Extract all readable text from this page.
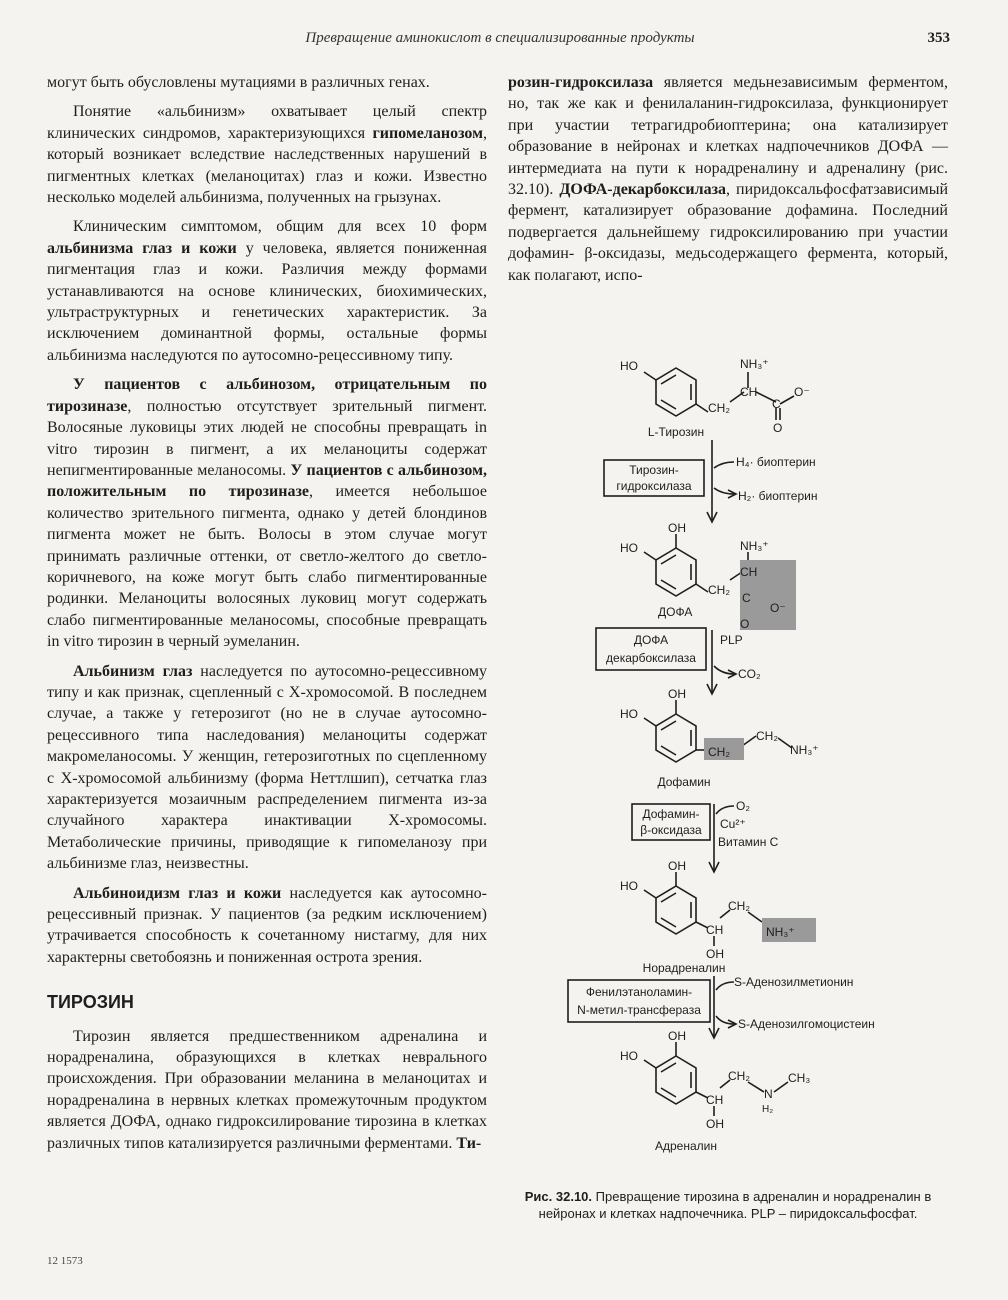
Превращение аминокислот в специализированные продукты	353

могут быть обусловлены мутациями в различных генах.

Понятие «альбинизм» охватывает целый спектр клинических синдромов, характеризующихся гипомеланозом, который возникает вследствие наследственных нарушений в пигментных клетках (меланоцитах) глаз и кожи. Известно несколько моделей альбинизма, полученных на грызунах.

Клиническим симптомом, общим для всех 10 форм альбинизма глаз и кожи у человека, является пониженная пигментация глаз и кожи. Различия между формами устанавливаются на основе клинических, биохимических, ультраструктурных и генетических характеристик. За исключением доминантной формы, остальные формы альбинизма наследуются по аутосомно-рецессивному типу.

У пациентов с альбинозом, отрицательным по тирозиназе, полностью отсутствует зрительный пигмент. Волосяные луковицы этих людей не способны превращать in vitro тирозин в пигмент, а их меланоциты содержат непигментированные меланосомы. У пациентов с альбинозом, положительным по тирозиназе, имеется небольшое количество зрительного пигмента, однако у детей блондинов пигмента может не быть. Волосы в этом случае могут принимать различные оттенки, от светло-желтого до светло-коричневого, на коже могут быть слабо пигментированные родинки. Меланоциты волосяных луковиц могут содержать слабо пигментированные меланосомы, способные превращать in vitro тирозин в черный эумеланин.

Альбинизм глаз наследуется по аутосомно-рецессивному типу и как признак, сцепленный с X-хромосомой. В последнем случае, а также у гетерозигот (но не в случае аутосомно-рецессивного типа наследования) меланоциты содержат макромеланосомы. У женщин, гетерозиготных по сцепленному с X-хромосомой альбинизму (форма Неттлшип), сетчатка глаз характеризуется мозаичным распределением пигмента из-за случайного характера инактивации X-хромосомы. Метаболические причины, приводящие к гипомеланозу при альбинизме глаз, неизвестны.

Альбиноидизм глаз и кожи наследуется как аутосомно-рецессивный признак. У пациентов (за редким исключением) утрачивается способность к сочетанному нистагму, для них характерны светобоязнь и пониженная острота зрения.

ТИРОЗИН

Тирозин является предшественником адреналина и норадреналина, образующихся в клетках неврального происхождения. При образовании меланина в меланоцитах и норадреналина в нервных клетках промежуточным продуктом является ДОФА, однако гидроксилирование тирозина в клетках различных типов катализируется различными ферментами. Ти-

розин-гидроксилаза является медьнезависимым ферментом, но, так же как и фенилаланин-гидроксилаза, функционирует при участии тетрагидробиоптерина; она катализирует образование в нейронах и клетках надпочечников ДОФА — интермедиата на пути к норадреналину и адреналину (рис. 32.10). ДОФА-декарбоксилаза, пиридоксальфосфатзависимый фермент, катализирует образование дофамина. Последний подвергается дальнейшему гидроксилированию при участии дофамин- β-оксидазы, медьсодержащего фермента, который, как полагают, испо-

HO	NH₃⁺
CH
CH₂	C
O⁻
O
L-Тирозин
Тирозин-
гидроксилаза
H₄· биоптерин
H₂· биоптерин
OH
HO	NH₃⁺
CH
CH₂
C
O⁻
O
ДОФА
ДОФА
декарбоксилаза
PLP
CO₂
OH
HO
CH₂
CH₂
NH₃⁺
Дофамин
Дофамин-
β-оксидаза
O₂
Cu²⁺
Витамин C
OH
HO
CH
CH₂
NH₃⁺
OH
Норадреналин
Фенилэтаноламин-
N-метил-трансфераза
S-Аденозилметионин
S-Аденозилгомоцистеин
OH
HO
CH
CH₂
N
H₂
CH₃
OH
Адреналин
Рис. 32.10. Превращение тирозина в адреналин и норадреналин в нейронах и клетках надпочечника. PLP – пиридоксальфосфат.
12 1573
